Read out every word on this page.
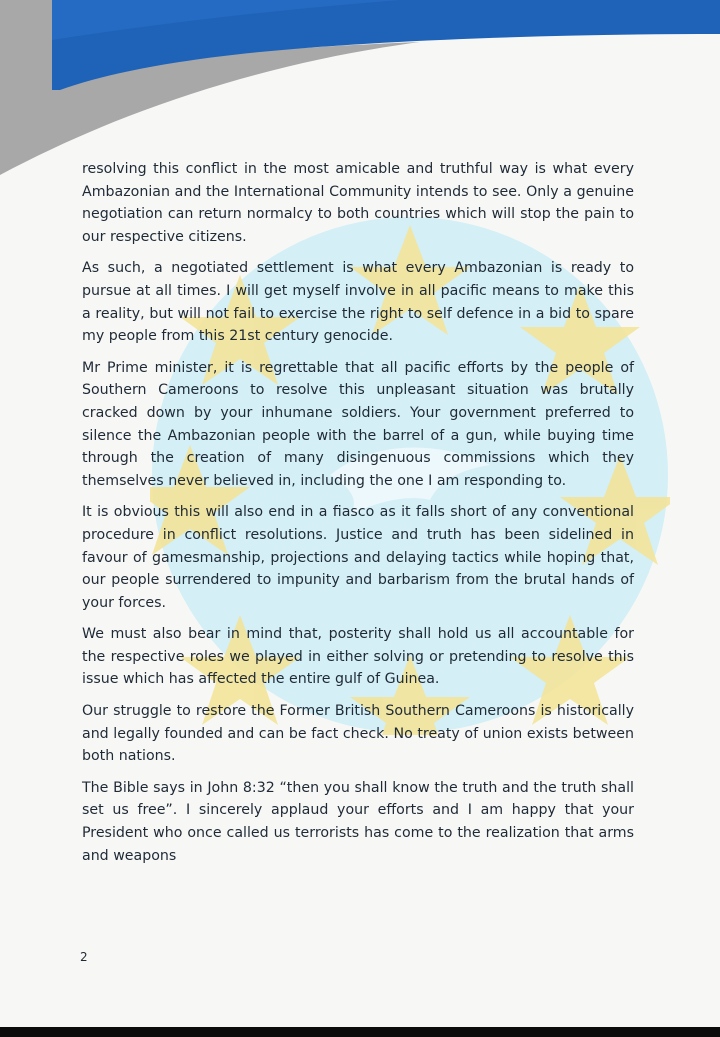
resolving this conflict in the most amicable and truthful way is what every Ambazonian and the International Community intends to see. Only a genuine negotiation can return normalcy to both countries which will stop the pain to our respective citizens.

As such, a negotiated settlement is what every Ambazonian is ready to pursue at all times. I will get myself involve in all pacific means to make this a reality, but will not fail to exercise the right to self defence in a bid to spare my people from this 21st century genocide.

Mr Prime minister, it is regrettable that all pacific efforts by the people of Southern Cameroons to resolve this unpleasant situation was brutally cracked down by your inhumane soldiers. Your government preferred to silence the Ambazonian people with the barrel of a gun, while buying time through the creation of many disingenuous commissions which they themselves never believed in, including the one I am responding to.

It is obvious this will also end in a fiasco as it falls short of any conventional procedure in conflict resolutions. Justice and truth has been sidelined in favour of gamesmanship, projections and delaying tactics while hoping that, our people surrendered to impunity and barbarism from the brutal hands of your forces.

We must also bear in mind that, posterity shall hold us all accountable for the respective roles we played in either solving or pretending to resolve this issue which has affected the entire gulf of Guinea.

Our struggle to restore the Former British Southern Cameroons is historically and legally founded and can be fact check. No treaty of union exists between both nations.

The Bible says in John 8:32 “then you shall know the truth and the truth shall set us free”. I sincerely applaud your efforts and I am happy that your President who once called us terrorists has come to the realization that arms and weapons

2
